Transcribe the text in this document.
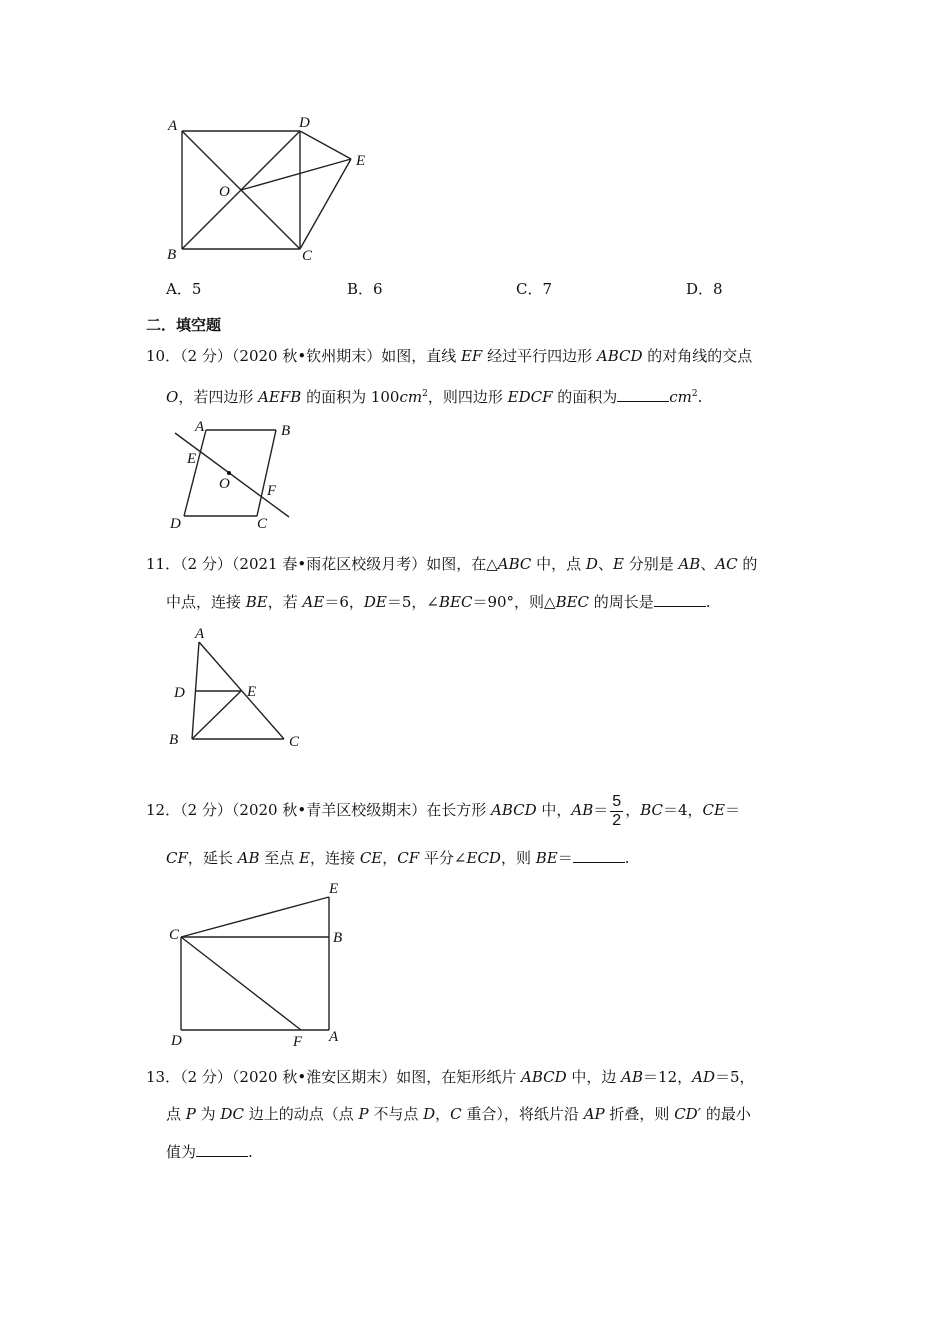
A	D
E
O
B	C
A．5	B．6	C．7	D．8
二．填空题
10．（2 分）（2020 秋•钦州期末）如图，直线 EF 经过平行四边形 ABCD 的对角线的交点
O，若四边形 AEFB 的面积为 $100cm^2$，则四边形 EDCF 的面积为	$cm^2$.
A	B
E
O F
D	C
11．（2 分）（2021 春•雨花区校级月考）如图，在△ABC 中，点 D、E 分别是 AB、AC 的
中点，连接 BE，若 AE＝6，DE＝5，∠BEC＝90°，则△BEC 的周长是	.
A
D	E
B	C
12．（2 分）（2020 秋•青羊区校级期末）在长方形 ABCD 中，$AB= \frac{5}{2}$ ，BC＝4，CE＝
CF，延长 AB 至点 E，连接 CE，CF 平分∠ECD，则 BE＝	.
E
C	B
D	F A
13．（2 分）（2020 秋•淮安区期末）如图，在矩形纸片 ABCD 中，边 AB＝12，AD＝5，
点 P 为 DC 边上的动点（点 P 不与点 D，C 重合），将纸片沿 AP 折叠，则 CD′ 的最小
值为	.
